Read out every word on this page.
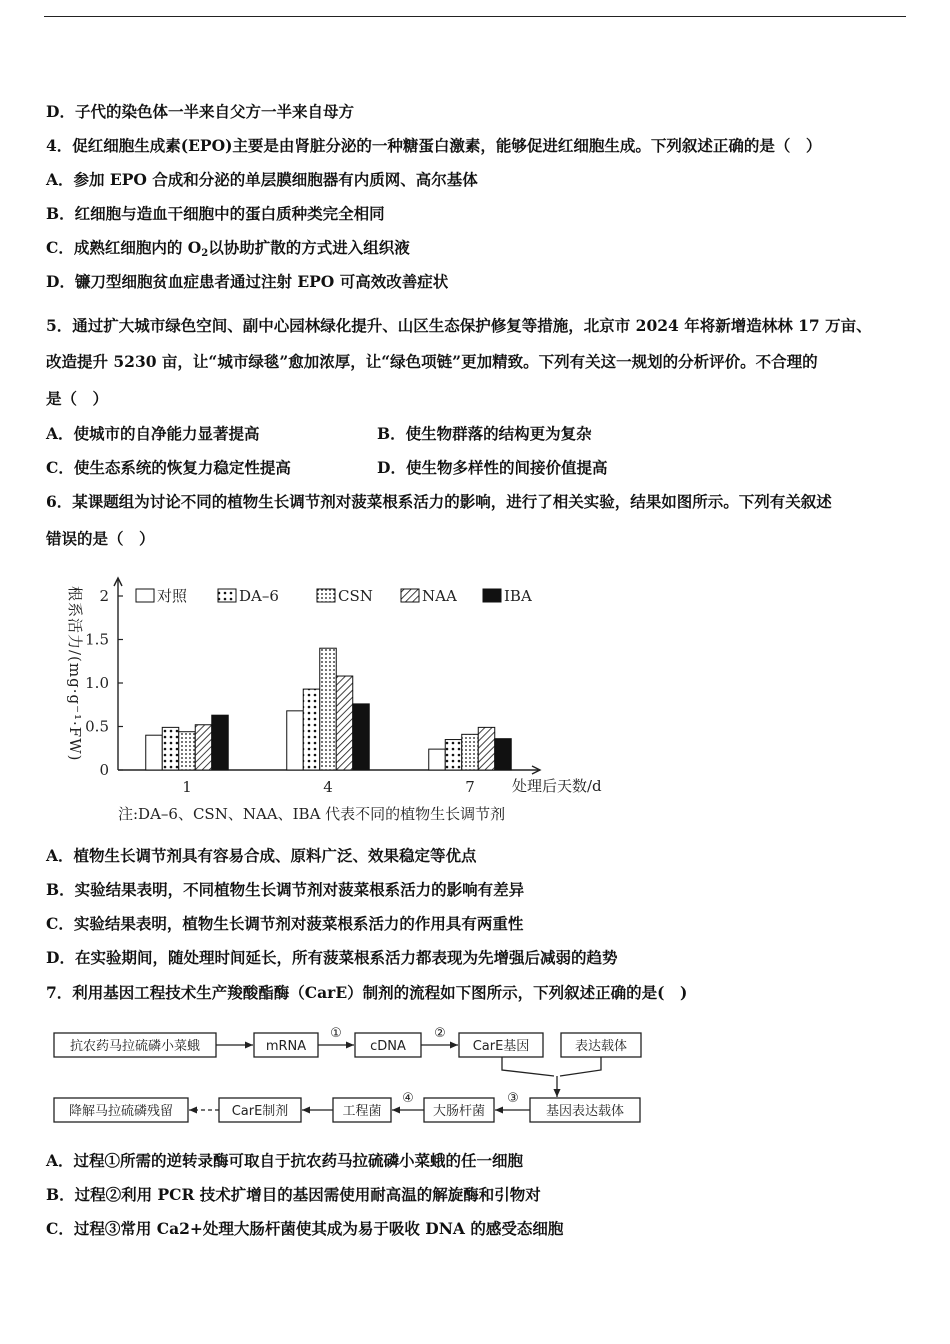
D．子代的染色体一半来自父方一半来自母方
4．促红细胞生成素(EPO)主要是由肾脏分泌的一种糖蛋白激素，能够促进红细胞生成。下列叙述正确的是（　）
A．参加 EPO 合成和分泌的单层膜细胞器有内质网、高尔基体
B．红细胞与造血干细胞中的蛋白质种类完全相同
C．成熟红细胞内的 $O_2$以协助扩散的方式进入组织液
D．镰刀型细胞贫血症患者通过注射 EPO 可高效改善症状
5．通过扩大城市绿色空间、副中心园林绿化提升、山区生态保护修复等措施，北京市 2024 年将新增造林林 17 万亩、
改造提升 5230 亩，让“城市绿毯”愈加浓厚，让“绿色项链”更加精致。下列有关这一规划的分析评价。不合理的
是（　）
A．使城市的自净能力显著提高	B．使生物群落的结构更为复杂
C．使生态系统的恢复力稳定性提高	D．使生物多样性的间接价值提高
6．某课题组为讨论不同的植物生长调节剂对菠菜根系活力的影响，进行了相关实验，结果如图所示。下列有关叙述
错误的是（　）
根系活力/(mg·g⁻¹·FW)
0
0.5
1.0
1.5
2
1	4	7
对照	DA–6	CSN	NAA	IBA
处理后天数/d
注:DA–6、CSN、NAA、IBA 代表不同的植物生长调节剂
A．植物生长调节剂具有容易合成、原料广泛、效果稳定等优点
B．实验结果表明，不同植物生长调节剂对菠菜根系活力的影响有差异
C．实验结果表明，植物生长调节剂对菠菜根系活力的作用具有两重性
D．在实验期间，随处理时间延长，所有菠菜根系活力都表现为先增强后减弱的趋势
7．利用基因工程技术生产羧酸酯酶（CarE）制剂的流程如下图所示，下列叙述正确的是(　)
抗农药马拉硫磷小菜蛾	mRNA	cDNA	CarE基因	表达载体
基因表达载体
大肠杆菌
工程菌
CarE制剂
降解马拉硫磷残留
①	②
③
④
A．过程①所需的逆转录酶可取自于抗农药马拉硫磷小菜蛾的任一细胞
B．过程②利用 PCR 技术扩增目的基因需使用耐高温的解旋酶和引物对
C．过程③常用 Ca2+处理大肠杆菌使其成为易于吸收 DNA 的感受态细胞
